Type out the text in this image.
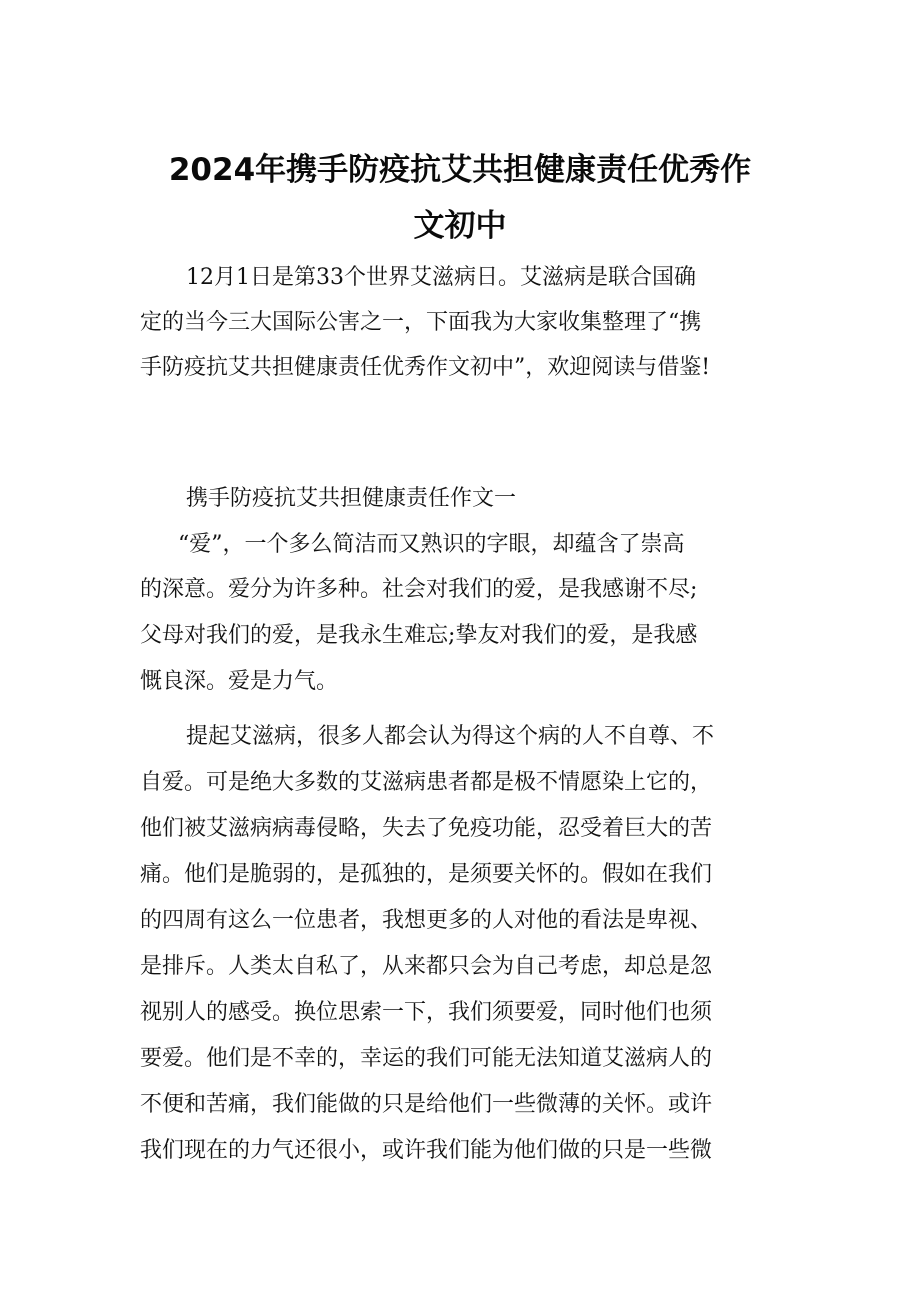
2024年携手防疫抗艾共担健康责任优秀作
文初中
12月1日是第33个世界艾滋病日。艾滋病是联合国确
定的当今三大国际公害之一，下面我为大家收集整理了“携
手防疫抗艾共担健康责任优秀作文初中”，欢迎阅读与借鉴!
携手防疫抗艾共担健康责任作文一
“爱”，一个多么简洁而又熟识的字眼，却蕴含了崇高
的深意。爱分为许多种。社会对我们的爱，是我感谢不尽;
父母对我们的爱，是我永生难忘;挚友对我们的爱，是我感
慨良深。爱是力气。
提起艾滋病，很多人都会认为得这个病的人不自尊、不
自爱。可是绝大多数的艾滋病患者都是极不情愿染上它的，
他们被艾滋病病毒侵略，失去了免疫功能，忍受着巨大的苦
痛。他们是脆弱的，是孤独的，是须要关怀的。假如在我们
的四周有这么一位患者，我想更多的人对他的看法是卑视、
是排斥。人类太自私了，从来都只会为自己考虑，却总是忽
视别人的感受。换位思索一下，我们须要爱，同时他们也须
要爱。他们是不幸的，幸运的我们可能无法知道艾滋病人的
不便和苦痛，我们能做的只是给他们一些微薄的关怀。或许
我们现在的力气还很小，或许我们能为他们做的只是一些微
